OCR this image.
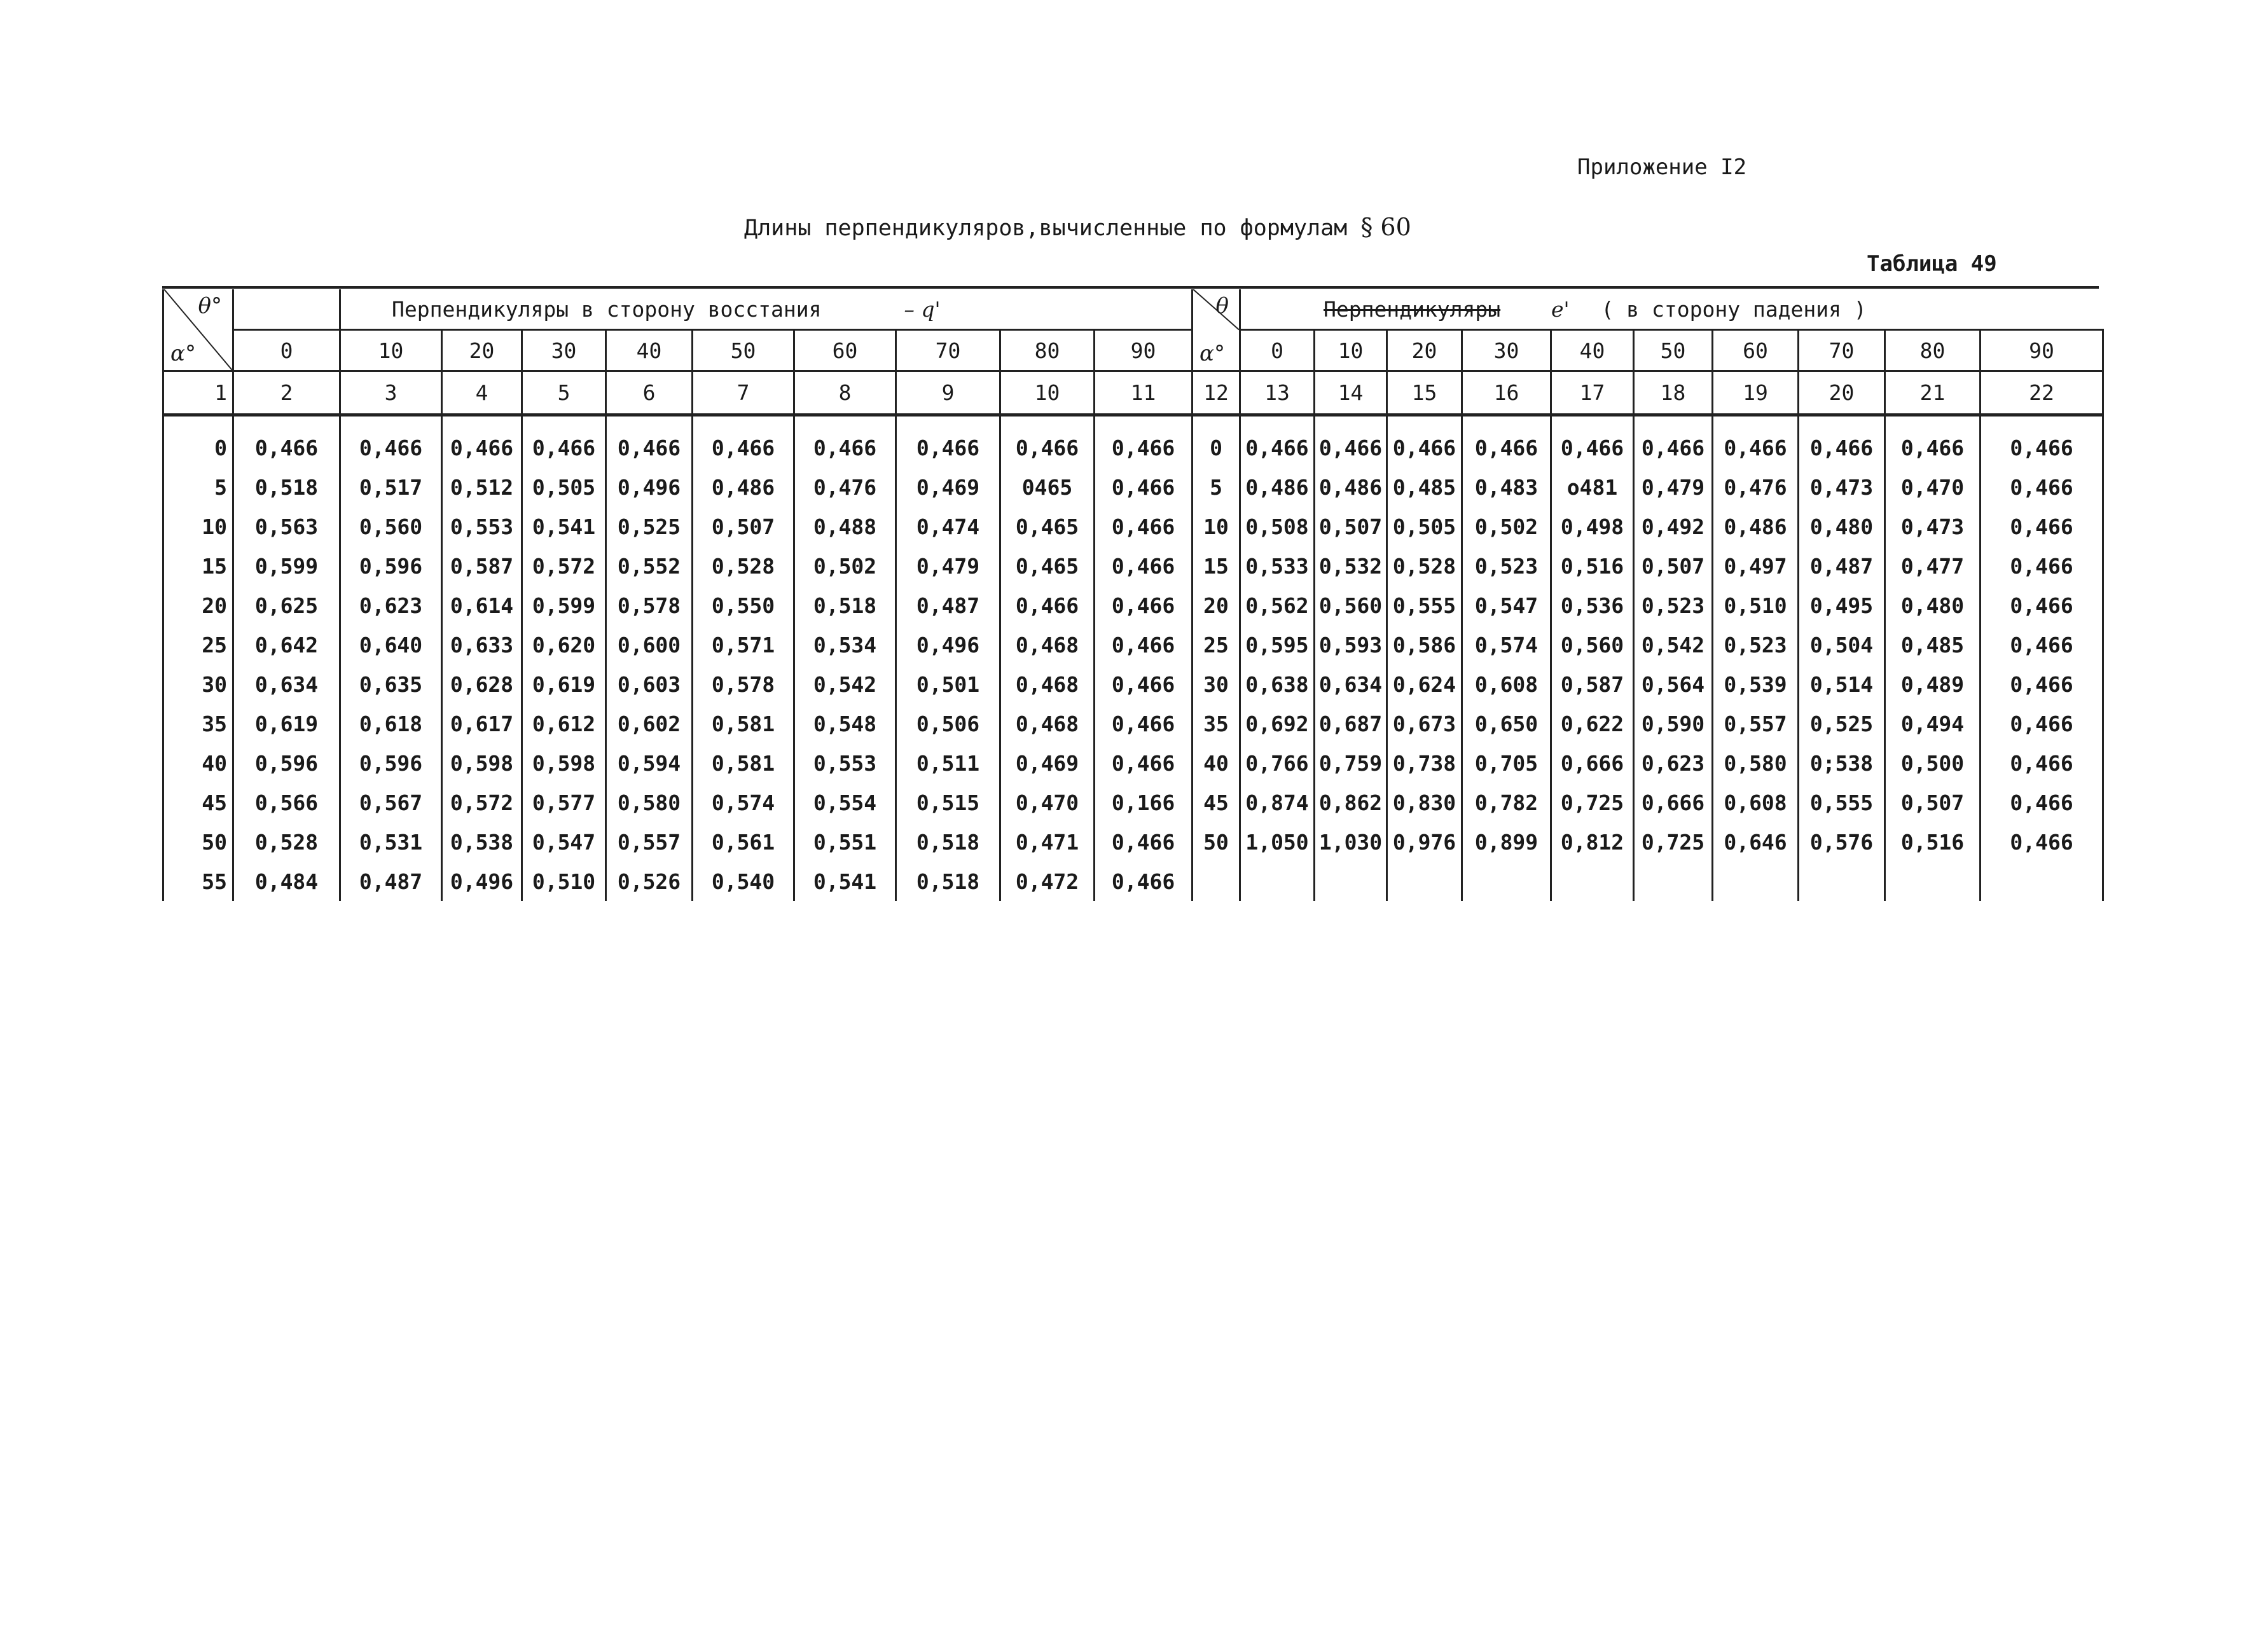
Приложение I2
Длины перпендикуляров,вычисленные по формулам § 60
Таблица 49
θ°
α°		Перпендикуляры в сторону восстания – q'								
	0	10	20	30	40	50	60	70	80	90
1	2	3	4	5	6	7	8	9	10	11
0	0,466	0,466	0,466	0,466	0,466	0,466	0,466	0,466	0,466	0,466
5	0,518	0,517	0,512	0,505	0,496	0,486	0,476	0,469	0465	0,466
10	0,563	0,560	0,553	0,541	0,525	0,507	0,488	0,474	0,465	0,466
15	0,599	0,596	0,587	0,572	0,552	0,528	0,502	0,479	0,465	0,466
20	0,625	0,623	0,614	0,599	0,578	0,550	0,518	0,487	0,466	0,466
25	0,642	0,640	0,633	0,620	0,600	0,571	0,534	0,496	0,468	0,466
30	0,634	0,635	0,628	0,619	0,603	0,578	0,542	0,501	0,468	0,466
35	0,619	0,618	0,617	0,612	0,602	0,581	0,548	0,506	0,468	0,466
40	0,596	0,596	0,598	0,598	0,594	0,581	0,553	0,511	0,469	0,466
45	0,566	0,567	0,572	0,577	0,580	0,574	0,554	0,515	0,470	0,166
50	0,528	0,531	0,538	0,547	0,557	0,561	0,551	0,518	0,471	0,466
55	0,484	0,487	0,496	0,510	0,526	0,540	0,541	0,518	0,472	0,466
θ
α°	Перпендикуляры e' ( в сторону падения )									
	0	10	20	30	40	50	60	70	80	90
12	13	14	15	16	17	18	19	20	21	22
0	0,466	0,466	0,466	0,466	0,466	0,466	0,466	0,466	0,466	0,466
5	0,486	0,486	0,485	0,483	o481	0,479	0,476	0,473	0,470	0,466
10	0,508	0,507	0,505	0,502	0,498	0,492	0,486	0,480	0,473	0,466
15	0,533	0,532	0,528	0,523	0,516	0,507	0,497	0,487	0,477	0,466
20	0,562	0,560	0,555	0,547	0,536	0,523	0,510	0,495	0,480	0,466
25	0,595	0,593	0,586	0,574	0,560	0,542	0,523	0,504	0,485	0,466
30	0,638	0,634	0,624	0,608	0,587	0,564	0,539	0,514	0,489	0,466
35	0,692	0,687	0,673	0,650	0,622	0,590	0,557	0,525	0,494	0,466
40	0,766	0,759	0,738	0,705	0,666	0,623	0,580	0;538	0,500	0,466
45	0,874	0,862	0,830	0,782	0,725	0,666	0,608	0,555	0,507	0,466
50	1,050	1,030	0,976	0,899	0,812	0,725	0,646	0,576	0,516	0,466
